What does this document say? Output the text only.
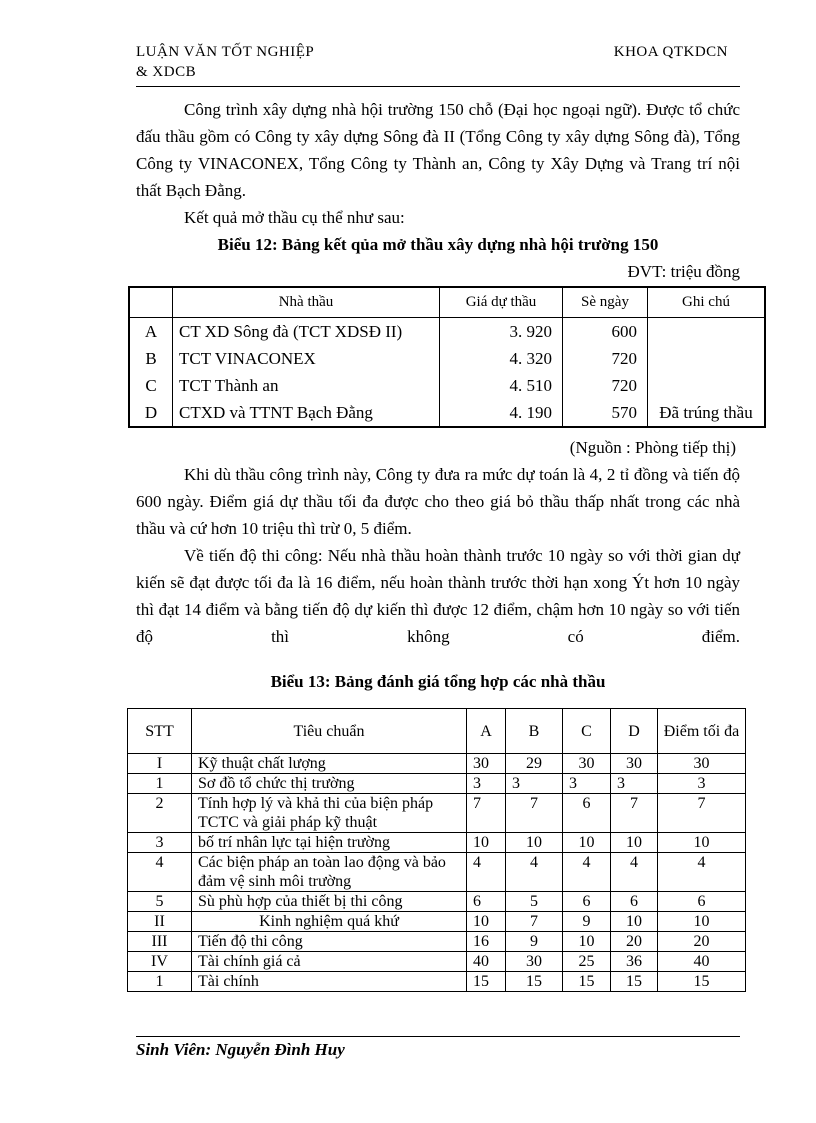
LUẬN VĂN TỐT NGHIỆP
& XDCB
KHOA QTKDCN

Công trình xây dựng nhà hội trường 150 chỗ (Đại học ngoại ngữ). Được tổ chức đấu thầu gồm có Công ty xây dựng Sông đà II (Tổng Công ty xây dựng Sông đà), Tổng Công ty VINACONEX, Tổng Công ty Thành an, Công ty Xây Dựng và Trang trí nội thất Bạch Đằng.

Kết quả mở thầu cụ thể như sau:

Biểu 12: Bảng kết qủa mở thầu xây dựng nhà hội trường 150
ĐVT: triệu đồng
	Nhà thầu	Giá dự thầu	Sè ngày	Ghi chú
A	CT XD Sông đà (TCT XDSĐ II)	3. 920	600	
B	TCT VINACONEX	4. 320	720	
C	TCT Thành an	4. 510	720	
D	CTXD và TTNT Bạch Đằng	4. 190	570	Đã trúng thầu
(Nguồn : Phòng tiếp thị)

Khi dù thầu công trình này, Công ty đưa ra mức dự toán là 4, 2 tỉ đồng và tiến độ 600 ngày. Điểm giá dự thầu tối đa được cho theo giá bỏ thầu thấp nhất trong các nhà thầu và cứ hơn 10 triệu thì trừ 0, 5 điểm.

Về tiến độ thi công: Nếu nhà thầu hoàn thành trước 10 ngày so với thời gian dự kiến sẽ đạt được tối đa là 16 điểm, nếu hoàn thành trước thời hạn xong Ýt hơn 10 ngày thì đạt 14 điểm và bằng tiến độ dự kiến thì được 12 điểm, chậm hơn 10 ngày so với tiến độ thì không có điểm.

Biểu 13: Bảng đánh giá tổng hợp các nhà thầu
STT	Tiêu chuẩn	A	B	C	D	Điểm tối đa
I	Kỹ thuật chất lượng	30	29	30	30	30
1	Sơ đồ tổ chức thị trường	3	3	3	3	3
2	Tính hợp lý và khả thi của biện pháp TCTC và giải pháp kỹ thuật	7	7	6	7	7
3	bố trí nhân lực tại hiện trường	10	10	10	10	10
4	Các biện pháp an toàn lao động và bảo đảm vệ sinh môi trường	4	4	4	4	4
5	Sù phù hợp của thiết bị thi công	6	5	6	6	6
II	Kinh nghiệm quá khứ	10	7	9	10	10
III	Tiến độ thi công	16	9	10	20	20
IV	Tài chính giá cả	40	30	25	36	40
1	Tài chính	15	15	15	15	15
Sinh Viên: Nguyễn Đình Huy
